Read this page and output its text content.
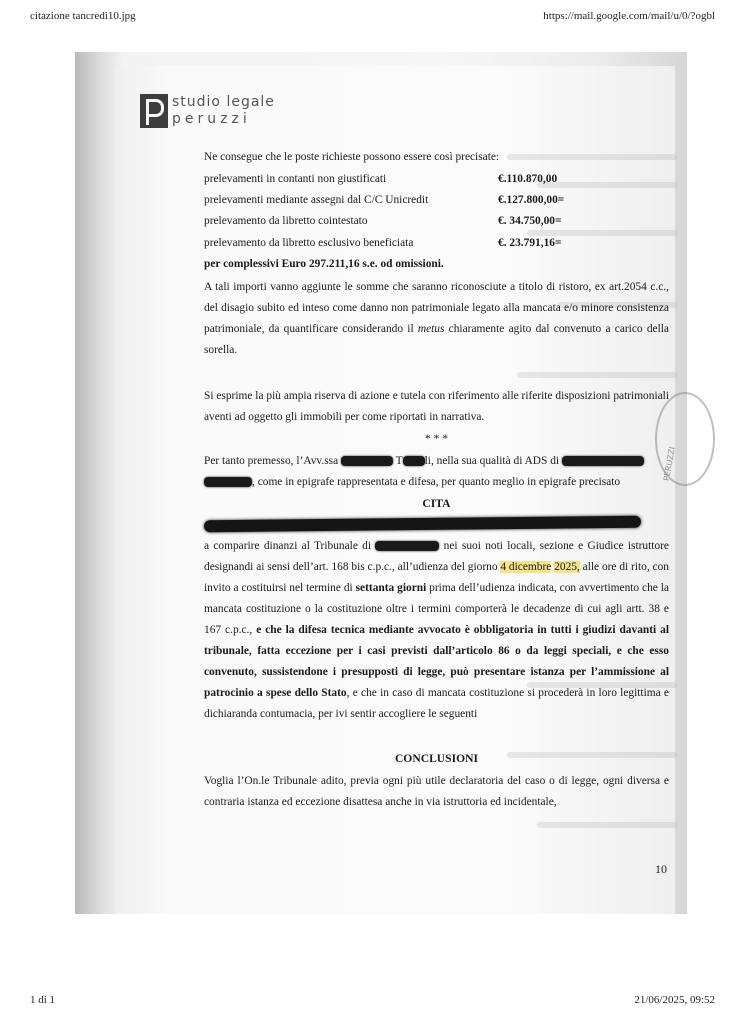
citazione tancredi10.jpg	https://mail.google.com/mail/u/0/?ogbl
studio legale
peruzzi
PERUZZI
Ne consegue che le poste richieste possono essere così precisate:
prelevamenti in contanti non giustificati	€.110.870,00
prelevamenti mediante assegni dal C/C Unicredit	€.127.800,00=
prelevamento da libretto cointestato	€. 34.750,00=
prelevamento da libretto esclusivo beneficiata	€. 23.791,16=
per complessivi Euro 297.211,16 s.e. od omissioni.
A tali importi vanno aggiunte le somme che saranno riconosciute a titolo di ristoro, ex art.2054 c.c., del disagio subito ed inteso come danno non patrimoniale legato alla mancata e/o minore consistenza patrimoniale, da quantificare considerando il metus chiaramente agito dal convenuto a carico della sorella.
Si esprime la più ampia riserva di azione e tutela con riferimento alle riferite disposizioni patrimoniali aventi ad oggetto gli immobili per come riportati in narrativa.
* * *
Per tanto premesso, l’Avv.ssa	T li, nella sua qualità di ADS di
, come in epigrafe rappresentata e difesa, per quanto meglio in epigrafe precisato
CITA
a comparire dinanzi al Tribunale di	nei suoi noti locali, sezione e Giudice istruttore designandi ai sensi dell’art. 168 bis c.p.c., all’udienza del giorno 4 dicembre 2025, alle ore di rito, con invito a costituirsi nel termine di settanta giorni prima dell’udienza indicata, con avvertimento che la mancata costituzione o la costituzione oltre i termini comporterà le decadenze di cui agli artt. 38 e 167 c.p.c., e che la difesa tecnica mediante avvocato è obbligatoria in tutti i giudizi davanti al tribunale, fatta eccezione per i casi previsti dall’articolo 86 o da leggi speciali, e che esso convenuto, sussistendone i presupposti di legge, può presentare istanza per l’ammissione al patrocinio a spese dello Stato, e che in caso di mancata costituzione si procederà in loro legittima e dichiaranda contumacia, per ivi sentir accogliere le seguenti
CONCLUSIONI
Voglia l’On.le Tribunale adito, previa ogni più utile declaratoria del caso o di legge, ogni diversa e contraria istanza ed eccezione disattesa anche in via istruttoria ed incidentale,
10
1 di 1	21/06/2025, 09:52
